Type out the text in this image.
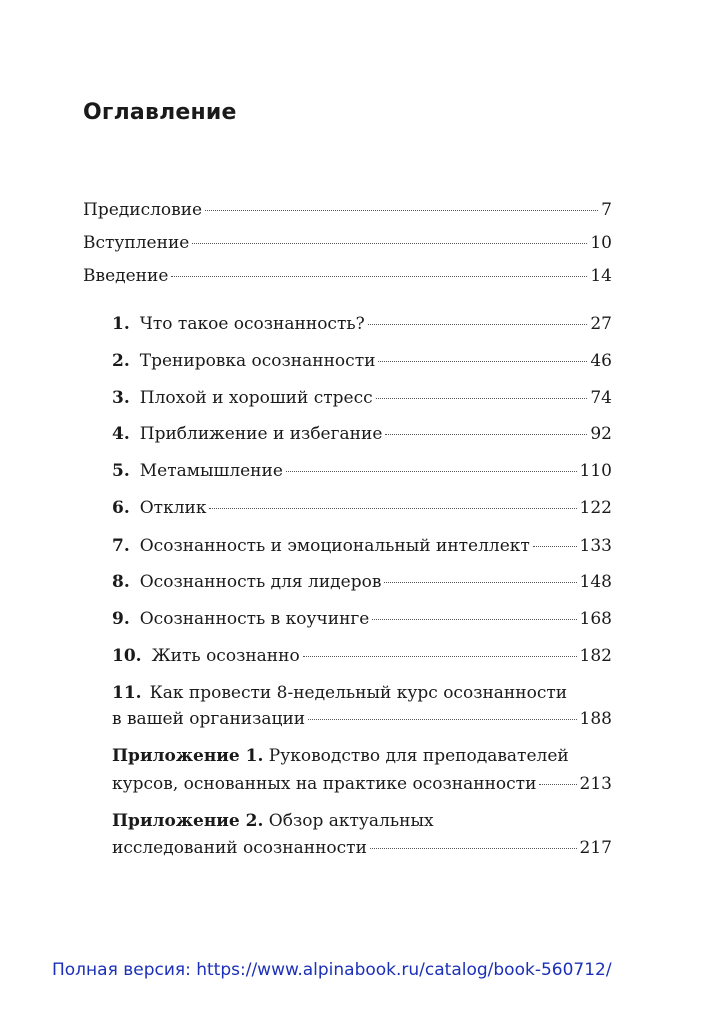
Оглавление
Предисловие	7
Вступление	10
Введение	14
1. Что такое осознанность?	27
2. Тренировка осознанности	46
3. Плохой и хороший стресс	74
4. Приближение и избегание	92
5. Метамышление	110
6. Отклик	122
7. Осознанность и эмоциональный интеллект	133
8. Осознанность для лидеров	148
9. Осознанность в коучинге	168
10. Жить осознанно	182
11. Как провести 8-недельный курс осознанности
в вашей организации	188
Приложение 1. Руководство для преподавателей
курсов, основанных на практике осознанности	213
Приложение 2. Обзор актуальных
исследований осознанности	217
Полная версия: https://www.alpinabook.ru/catalog/book-560712/
